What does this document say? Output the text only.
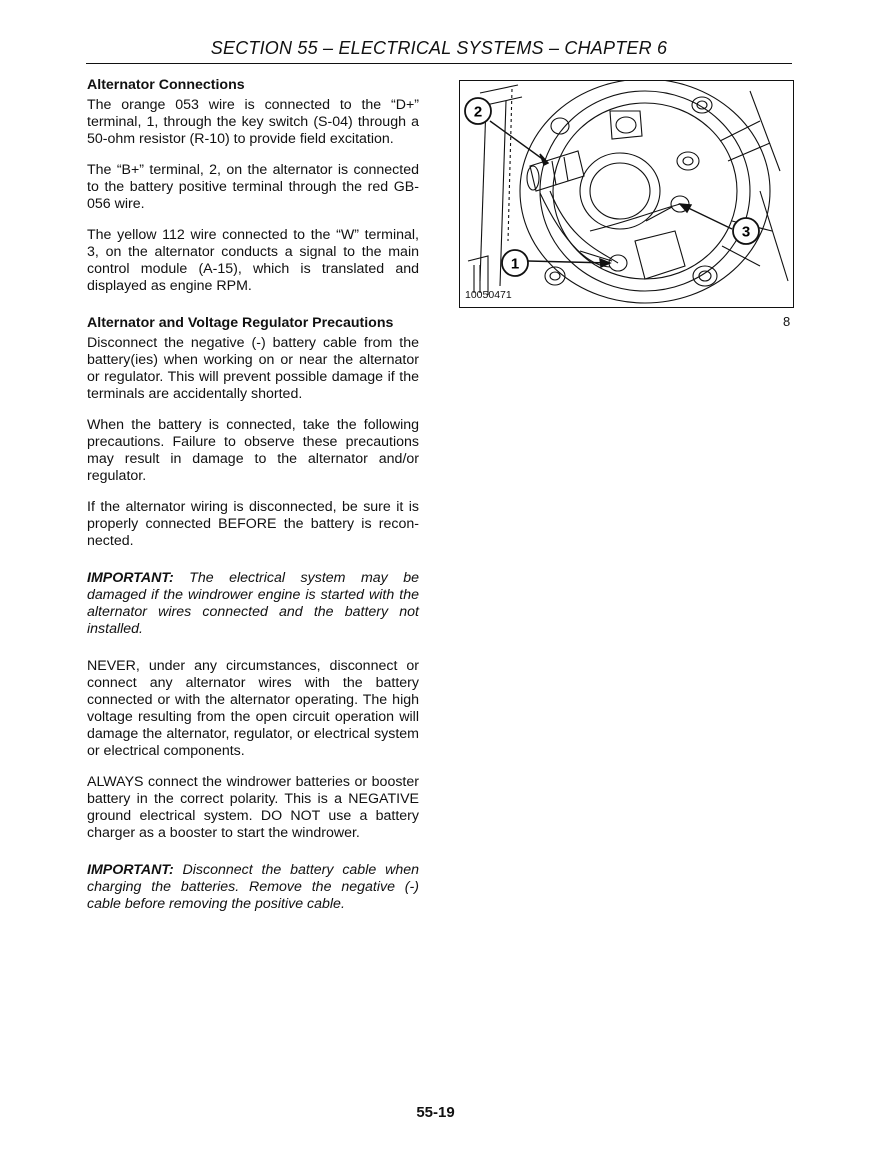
SECTION 55 – ELECTRICAL SYSTEMS – CHAPTER 6
Alternator Connections

The orange 053 wire is connected to the “D+” terminal, 1, through the key switch (S-04) through a 50-ohm resistor (R-10) to provide field excitation.

The “B+” terminal, 2, on the alternator is connected to the battery positive terminal through the red GB-056 wire.

The yellow 112 wire connected to the “W” terminal, 3, on the alternator conducts a signal to the main control module (A-15), which is translated and displayed as engine RPM.

Alternator and Voltage Regulator Precautions

Disconnect the negative (-) battery cable from the battery(ies) when working on or near the alternator or regulator. This will prevent possible damage if the terminals are accidentally shorted.

When the battery is connected, take the following precautions. Failure to observe these precautions may result in damage to the alternator and/or regulator.

If the alternator wiring is disconnected, be sure it is properly connected BEFORE the battery is recon-nected.

IMPORTANT: The electrical system may be damaged if the windrower engine is started with the alternator wires connected and the battery not installed.

NEVER, under any circumstances, disconnect or connect any alternator wires with the battery connected or with the alternator operating. The high voltage resulting from the open circuit operation will damage the alternator, regulator, or electrical system or electrical components.

ALWAYS connect the windrower batteries or booster battery in the correct polarity. This is a NEGATIVE ground electrical system. DO NOT use a battery charger as a booster to start the windrower.

IMPORTANT: Disconnect the battery cable when charging the batteries. Remove the negative (-) cable before removing the positive cable.

2
1
3
10050471
8
55-19
